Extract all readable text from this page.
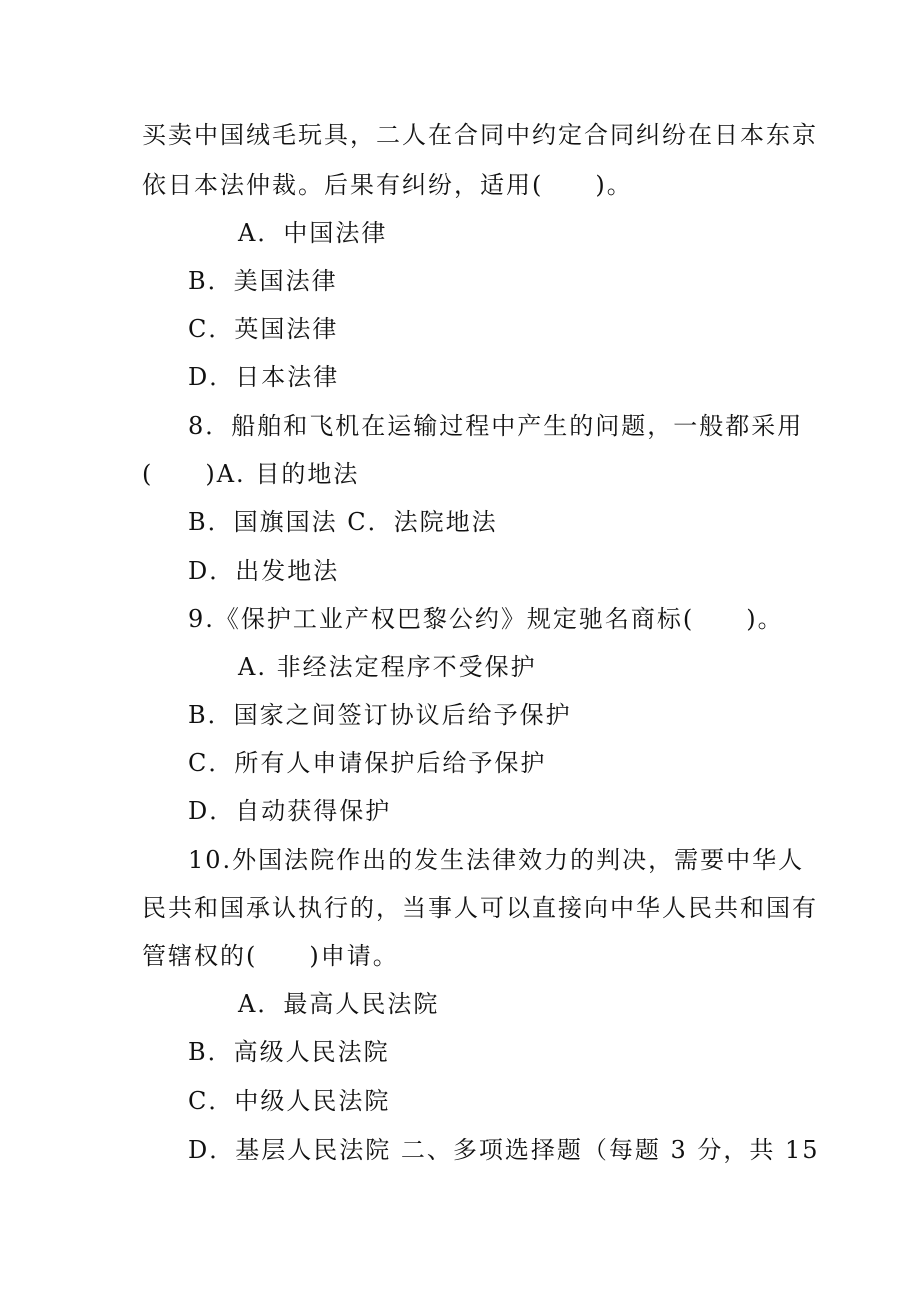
买卖中国绒毛玩具，二人在合同中约定合同纠纷在日本东京
依日本法仲裁。后果有纠纷，适用(　　)。
A．中国法律
B．美国法律
C．英国法律
D．日本法律
8．船舶和飞机在运输过程中产生的问题，一般都采用
(　　)A. 目的地法
B．国旗国法 C．法院地法
D．出发地法
9.《保护工业产权巴黎公约》规定驰名商标(　　)。
A. 非经法定程序不受保护
B．国家之间签订协议后给予保护
C．所有人申请保护后给予保护
D．自动获得保护
10.外国法院作出的发生法律效力的判决，需要中华人
民共和国承认执行的，当事人可以直接向中华人民共和国有
管辖权的(　　)申请。
A．最高人民法院
B．高级人民法院
C．中级人民法院
D．基层人民法院 二、多项选择题（每题 3 分，共 15
